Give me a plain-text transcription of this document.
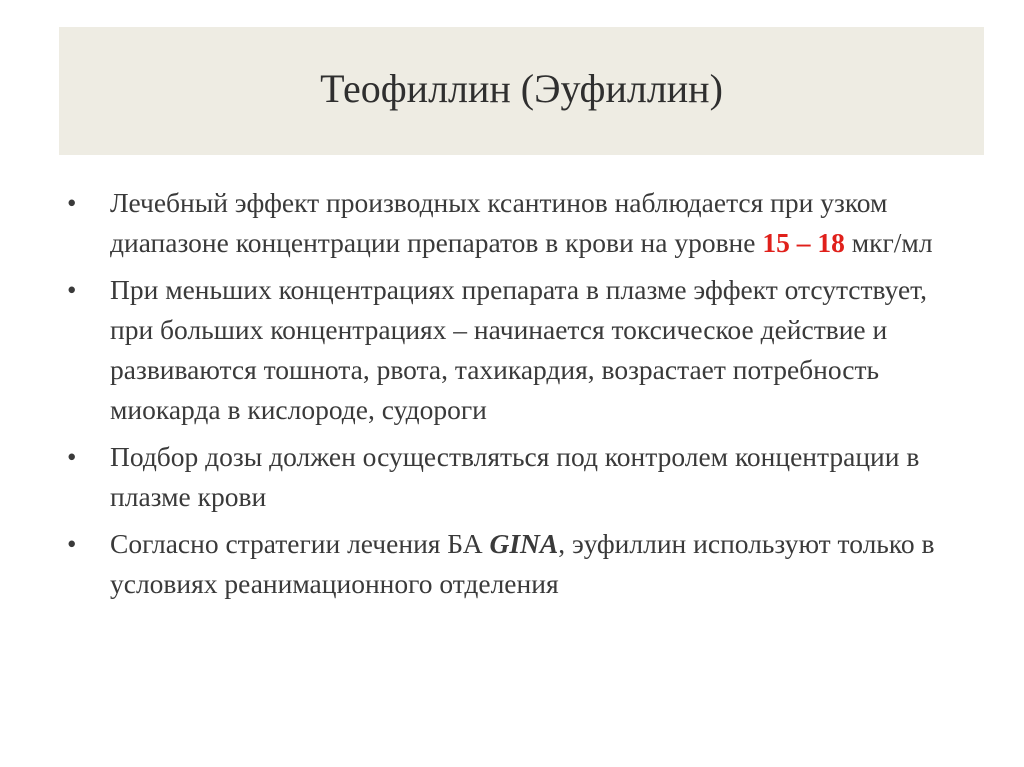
Теофиллин (Эуфиллин)
• Лечебный эффект производных ксантинов наблюдается при узком диапазоне концентрации препаратов в крови на уровне 15 – 18 мкг/мл
• При меньших концентрациях препарата в плазме эффект отсутствует, при больших концентрациях – начинается токсическое действие и развиваются тошнота, рвота, тахикардия, возрастает потребность миокарда в кислороде, судороги
• Подбор дозы должен осуществляться под контролем концентрации в плазме крови
• Согласно стратегии лечения БА GINA, эуфиллин используют только в условиях реанимационного отделения
